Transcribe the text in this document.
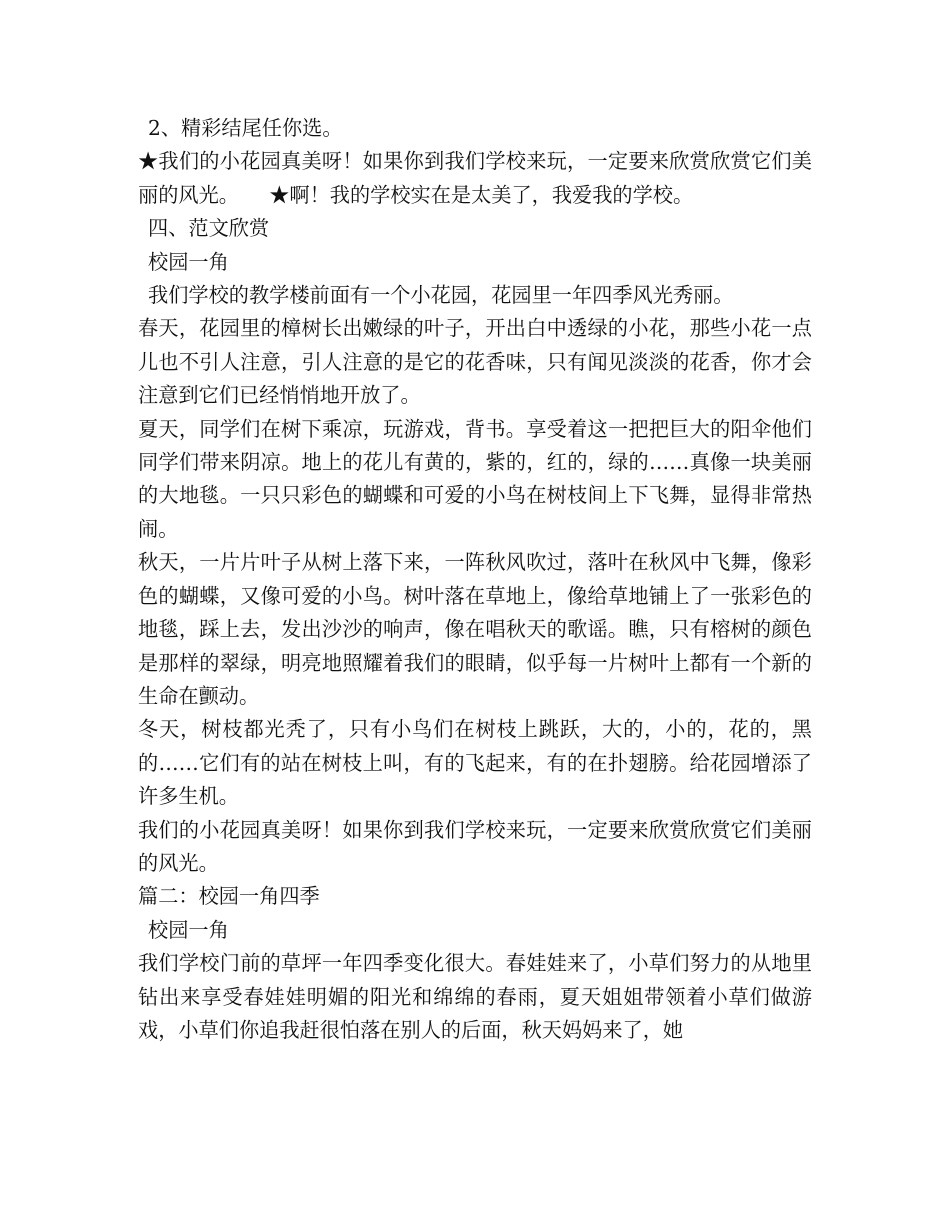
2、精彩结尾任你选。

★我们的小花园真美呀！如果你到我们学校来玩，一定要来欣赏欣赏它们美丽的风光。　　★啊！我的学校实在是太美了，我爱我的学校。

四、范文欣赏

校园一角

我们学校的教学楼前面有一个小花园，花园里一年四季风光秀丽。

春天，花园里的樟树长出嫩绿的叶子，开出白中透绿的小花，那些小花一点儿也不引人注意，引人注意的是它的花香味，只有闻见淡淡的花香，你才会注意到它们已经悄悄地开放了。

夏天，同学们在树下乘凉，玩游戏，背书。享受着这一把把巨大的阳伞他们同学们带来阴凉。地上的花儿有黄的，紫的，红的，绿的……真像一块美丽的大地毯。一只只彩色的蝴蝶和可爱的小鸟在树枝间上下飞舞，显得非常热闹。

秋天，一片片叶子从树上落下来，一阵秋风吹过，落叶在秋风中飞舞，像彩色的蝴蝶，又像可爱的小鸟。树叶落在草地上，像给草地铺上了一张彩色的地毯，踩上去，发出沙沙的响声，像在唱秋天的歌谣。瞧，只有榕树的颜色是那样的翠绿，明亮地照耀着我们的眼睛，似乎每一片树叶上都有一个新的生命在颤动。

冬天，树枝都光秃了，只有小鸟们在树枝上跳跃，大的，小的，花的，黑的……它们有的站在树枝上叫，有的飞起来，有的在扑翅膀。给花园增添了许多生机。

我们的小花园真美呀！如果你到我们学校来玩，一定要来欣赏欣赏它们美丽的风光。

篇二：校园一角四季

校园一角

我们学校门前的草坪一年四季变化很大。春娃娃来了，小草们努力的从地里钻出来享受春娃娃明媚的阳光和绵绵的春雨，夏天姐姐带领着小草们做游戏，小草们你追我赶很怕落在别人的后面，秋天妈妈来了，她
